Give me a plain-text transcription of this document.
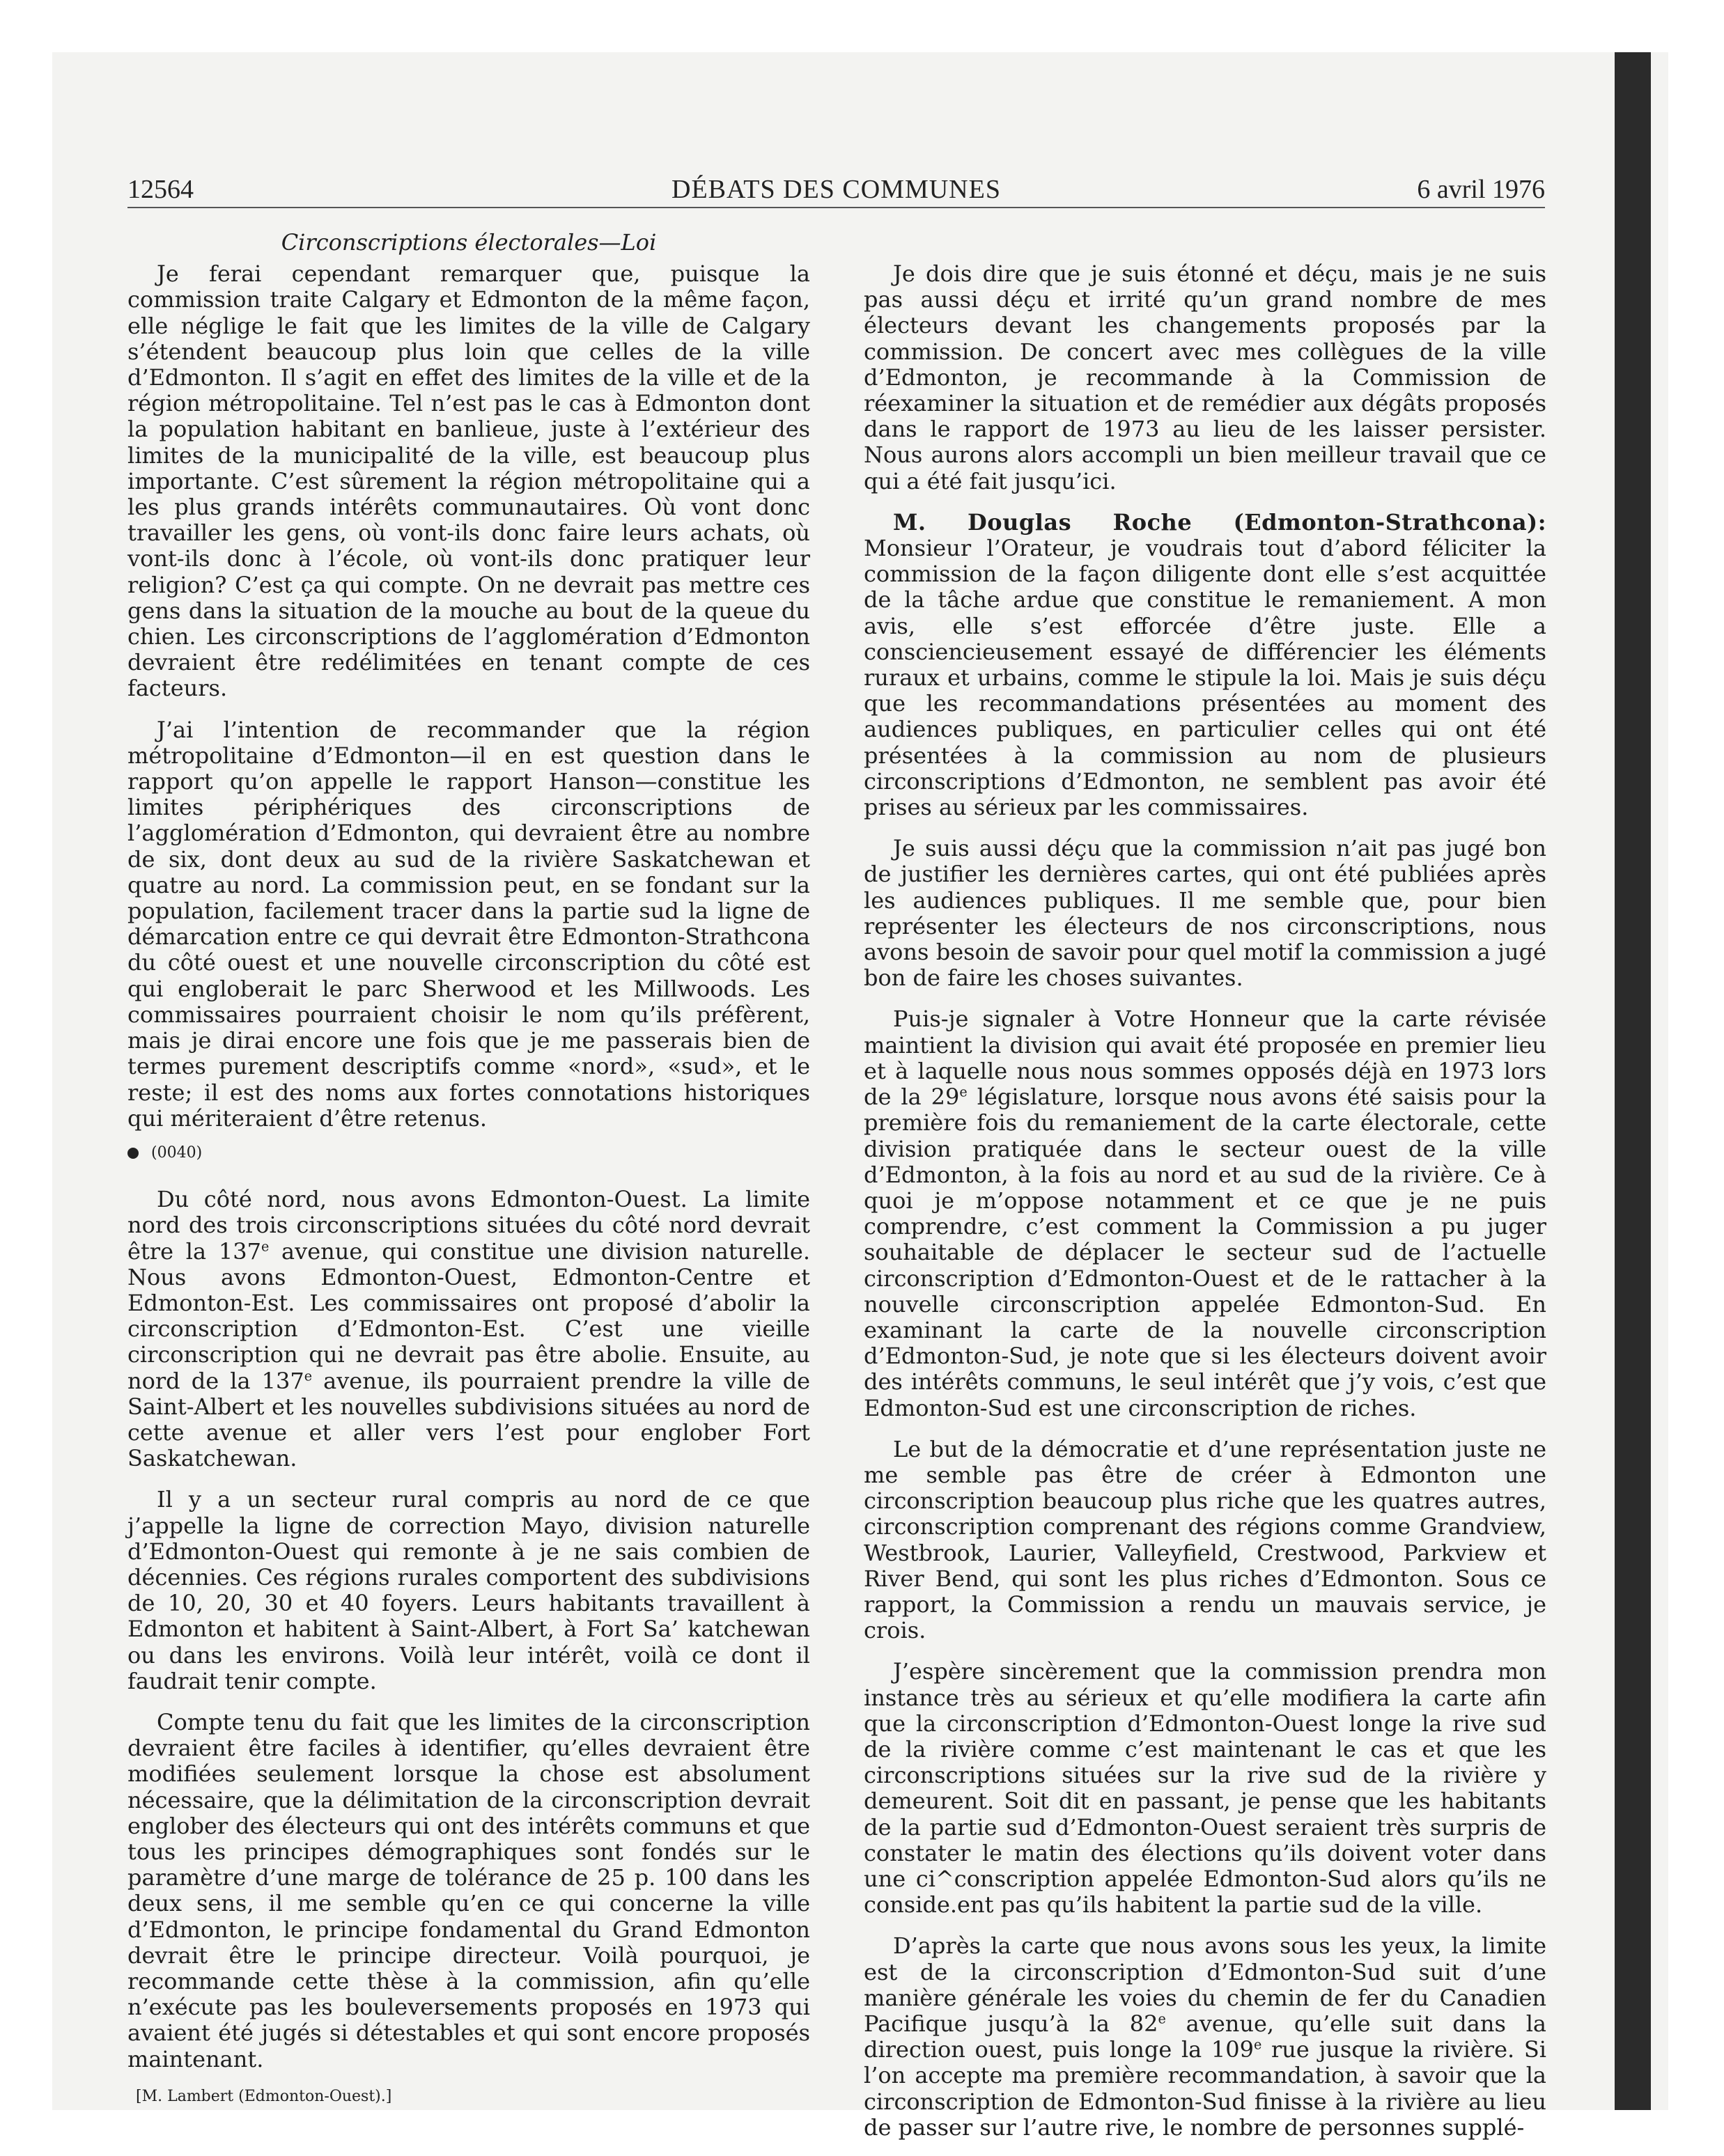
12564	DÉBATS DES COMMUNES	6 avril 1976
Circonscriptions électorales—Loi

Je ferai cependant remarquer que, puisque la commission traite Calgary et Edmonton de la même façon, elle néglige le fait que les limites de la ville de Calgary s’étendent beaucoup plus loin que celles de la ville d’Edmonton. Il s’agit en effet des limites de la ville et de la région métropolitaine. Tel n’est pas le cas à Edmonton dont la population habitant en banlieue, juste à l’extérieur des limites de la municipalité de la ville, est beaucoup plus importante. C’est sûrement la région métropolitaine qui a les plus grands intérêts communautaires. Où vont donc travailler les gens, où vont-ils donc faire leurs achats, où vont-ils donc à l’école, où vont-ils donc pratiquer leur religion? C’est ça qui compte. On ne devrait pas mettre ces gens dans la situation de la mouche au bout de la queue du chien. Les circonscriptions de l’agglomération d’Edmonton devraient être redélimitées en tenant compte de ces facteurs.

J’ai l’intention de recommander que la région métropolitaine d’Edmonton—il en est question dans le rapport qu’on appelle le rapport Hanson—constitue les limites périphériques des circonscriptions de l’agglomération d’Edmonton, qui devraient être au nombre de six, dont deux au sud de la rivière Saskatchewan et quatre au nord. La commission peut, en se fondant sur la population, facilement tracer dans la partie sud la ligne de démarcation entre ce qui devrait être Edmonton-Strathcona du côté ouest et une nouvelle circonscription du côté est qui engloberait le parc Sherwood et les Millwoods. Les commissaires pourraient choisir le nom qu’ils préfèrent, mais je dirai encore une fois que je me passerais bien de termes purement descriptifs comme «nord», «sud», et le reste; il est des noms aux fortes connotations historiques qui mériteraient d’être retenus.

(0040)

Du côté nord, nous avons Edmonton-Ouest. La limite nord des trois circonscriptions situées du côté nord devrait être la 137e avenue, qui constitue une division naturelle. Nous avons Edmonton-Ouest, Edmonton-Centre et Edmonton-Est. Les commissaires ont proposé d’abolir la circonscription d’Edmonton-Est. C’est une vieille circonscription qui ne devrait pas être abolie. Ensuite, au nord de la 137e avenue, ils pourraient prendre la ville de Saint-Albert et les nouvelles subdivisions situées au nord de cette avenue et aller vers l’est pour englober Fort Saskatchewan.

Il y a un secteur rural compris au nord de ce que j’appelle la ligne de correction Mayo, division naturelle d’Edmonton-Ouest qui remonte à je ne sais combien de décennies. Ces régions rurales comportent des subdivisions de 10, 20, 30 et 40 foyers. Leurs habitants travaillent à Edmonton et habitent à Saint-Albert, à Fort Sa’ katchewan ou dans les environs. Voilà leur intérêt, voilà ce dont il faudrait tenir compte.

Compte tenu du fait que les limites de la circonscription devraient être faciles à identifier, qu’elles devraient être modifiées seulement lorsque la chose est absolument nécessaire, que la délimitation de la circonscription devrait englober des électeurs qui ont des intérêts communs et que tous les principes démographiques sont fondés sur le paramètre d’une marge de tolérance de 25 p. 100 dans les deux sens, il me semble qu’en ce qui concerne la ville d’Edmonton, le principe fondamental du Grand Edmonton devrait être le principe directeur. Voilà pourquoi, je recommande cette thèse à la commission, afin qu’elle n’exécute pas les bouleversements proposés en 1973 qui avaient été jugés si détestables et qui sont encore proposés maintenant.

[M. Lambert (Edmonton-Ouest).]

Je dois dire que je suis étonné et déçu, mais je ne suis pas aussi déçu et irrité qu’un grand nombre de mes électeurs devant les changements proposés par la commission. De concert avec mes collègues de la ville d’Edmonton, je recommande à la Commission de réexaminer la situation et de remédier aux dégâts proposés dans le rapport de 1973 au lieu de les laisser persister. Nous aurons alors accompli un bien meilleur travail que ce qui a été fait jusqu’ici.

M. Douglas Roche (Edmonton-Strathcona): Monsieur l’Orateur, je voudrais tout d’abord féliciter la commission de la façon diligente dont elle s’est acquittée de la tâche ardue que constitue le remaniement. A mon avis, elle s’est efforcée d’être juste. Elle a consciencieusement essayé de différencier les éléments ruraux et urbains, comme le stipule la loi. Mais je suis déçu que les recommandations présentées au moment des audiences publiques, en particulier celles qui ont été présentées à la commission au nom de plusieurs circonscriptions d’Edmonton, ne semblent pas avoir été prises au sérieux par les commissaires.

Je suis aussi déçu que la commission n’ait pas jugé bon de justifier les dernières cartes, qui ont été publiées après les audiences publiques. Il me semble que, pour bien représenter les électeurs de nos circonscriptions, nous avons besoin de savoir pour quel motif la commission a jugé bon de faire les choses suivantes.

Puis-je signaler à Votre Honneur que la carte révisée maintient la division qui avait été proposée en premier lieu et à laquelle nous nous sommes opposés déjà en 1973 lors de la 29e législature, lorsque nous avons été saisis pour la première fois du remaniement de la carte électorale, cette division pratiquée dans le secteur ouest de la ville d’Edmonton, à la fois au nord et au sud de la rivière. Ce à quoi je m’oppose notamment et ce que je ne puis comprendre, c’est comment la Commission a pu juger souhaitable de déplacer le secteur sud de l’actuelle circonscription d’Edmonton-Ouest et de le rattacher à la nouvelle circonscription appelée Edmonton-Sud. En examinant la carte de la nouvelle circonscription d’Edmonton-Sud, je note que si les électeurs doivent avoir des intérêts communs, le seul intérêt que j’y vois, c’est que Edmonton-Sud est une circonscription de riches.

Le but de la démocratie et d’une représentation juste ne me semble pas être de créer à Edmonton une circonscription beaucoup plus riche que les quatres autres, circonscription comprenant des régions comme Grandview, Westbrook, Laurier, Valleyfield, Crestwood, Parkview et River Bend, qui sont les plus riches d’Edmonton. Sous ce rapport, la Commission a rendu un mauvais service, je crois.

J’espère sincèrement que la commission prendra mon instance très au sérieux et qu’elle modifiera la carte afin que la circonscription d’Edmonton-Ouest longe la rive sud de la rivière comme c’est maintenant le cas et que les circonscriptions situées sur la rive sud de la rivière y demeurent. Soit dit en passant, je pense que les habitants de la partie sud d’Edmonton-Ouest seraient très surpris de constater le matin des élections qu’ils doivent voter dans une ci^conscription appelée Edmonton-Sud alors qu’ils ne conside.ent pas qu’ils habitent la partie sud de la ville.

D’après la carte que nous avons sous les yeux, la limite est de la circonscription d’Edmonton-Sud suit d’une manière générale les voies du chemin de fer du Canadien Pacifique jusqu’à la 82e avenue, qu’elle suit dans la direction ouest, puis longe la 109e rue jusque la rivière. Si l’on accepte ma première recommandation, à savoir que la circonscription de Edmonton-Sud finisse à la rivière au lieu de passer sur l’autre rive, le nombre de personnes supplé-
